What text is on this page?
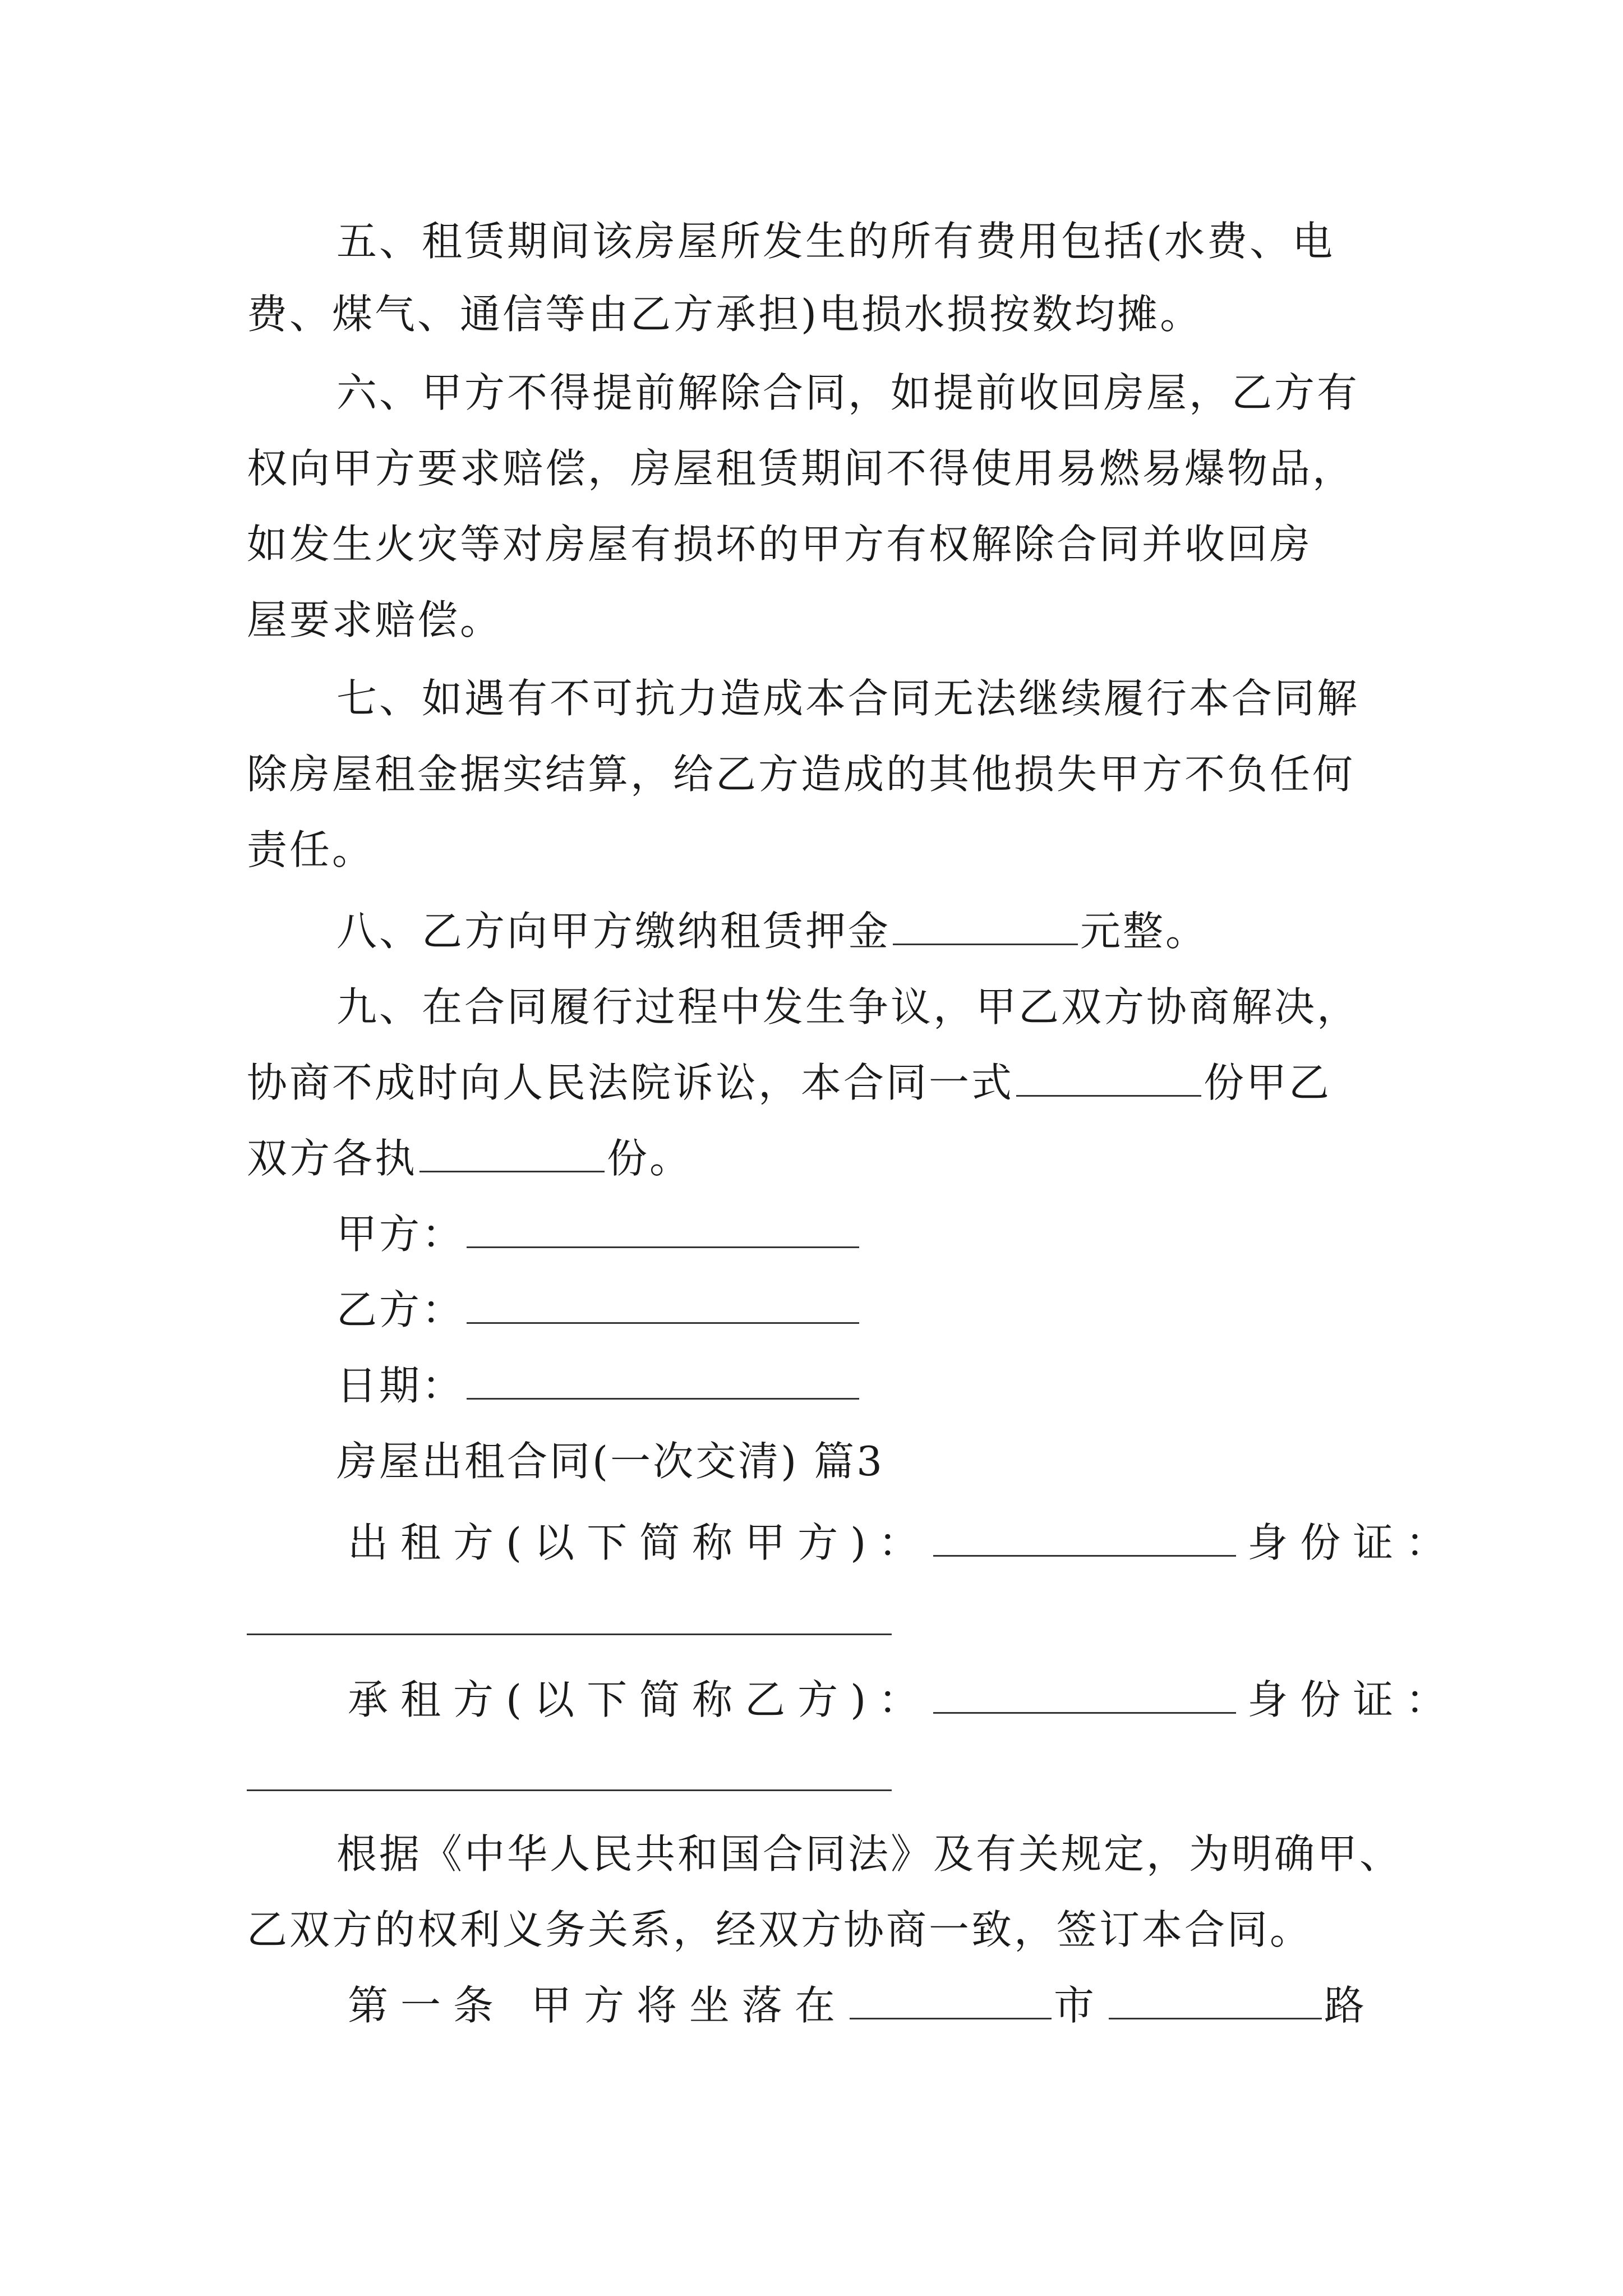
五、租赁期间该房屋所发生的所有费用包括(水费、电
费、煤气、通信等由乙方承担)电损水损按数均摊。
六、甲方不得提前解除合同，如提前收回房屋，乙方有
权向甲方要求赔偿，房屋租赁期间不得使用易燃易爆物品，
如发生火灾等对房屋有损坏的甲方有权解除合同并收回房
屋要求赔偿。
七、如遇有不可抗力造成本合同无法继续履行本合同解
除房屋租金据实结算，给乙方造成的其他损失甲方不负任何
责任。
八、乙方向甲方缴纳租赁押金	元整。
九、在合同履行过程中发生争议，甲乙双方协商解决，
协商不成时向人民法院诉讼，本合同一式	份甲乙
双方各执	份。
甲方：
乙方：
日期：
房屋出租合同(一次交清) 篇3
出租方(以下简称甲方)：	身份证：
承租方(以下简称乙方)：	身份证：
根据《中华人民共和国合同法》及有关规定，为明确甲、
乙双方的权利义务关系，经双方协商一致，签订本合同。
第一条 甲方将坐落在	市	路
